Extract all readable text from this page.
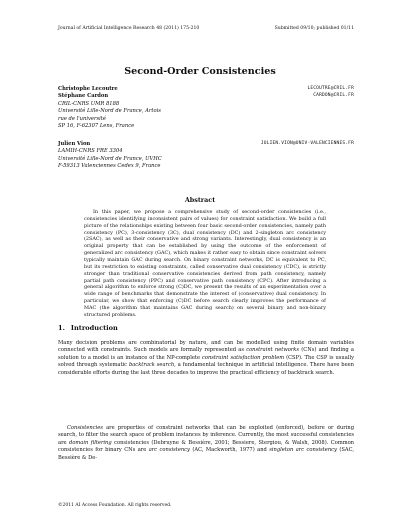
Journal of Artificial Intelligence Research 48 (2011) 175-210	Submitted 09/10; published 01/11
Second-Order Consistencies
Christophe Lecoutre	LECOUTRE@CRIL.FR
Stéphane Cardon	CARDON@CRIL.FR
CRIL-CNRS UMR 8188
Université Lille-Nord de France, Artois
rue de l'université
SP 16, F-62307 Lens, France
Julien Vion	JULIEN.VION@UNIV-VALENCIENNES.FR
LAMIH-CNRS FRE 3304
Université Lille-Nord de France, UVHC
F-59313 Valenciennes Cedex 9, France
Abstract
In this paper, we propose a comprehensive study of second-order consistencies (i.e., consistencies identifying inconsistent pairs of values) for constraint satisfaction. We build a full picture of the relationships existing between four basic second-order consistencies, namely path consistency (PC), 3-consistency (3C), dual consistency (DC) and 2-singleton arc consistency (2SAC), as well as their conservative and strong variants. Interestingly, dual consistency is an original property that can be established by using the outcome of the enforcement of generalized arc consistency (GAC), which makes it rather easy to obtain since constraint solvers typically maintain GAC during search. On binary constraint networks, DC is equivalent to PC, but its restriction to existing constraints, called conservative dual consistency (CDC), is strictly stronger than traditional conservative consistencies derived from path consistency, namely partial path consistency (PPC) and conservative path consistency (CPC). After introducing a general algorithm to enforce strong (C)DC, we present the results of an experimentation over a wide range of benchmarks that demonstrate the interest of (conservative) dual consistency. In particular, we show that enforcing (C)DC before search clearly improves the performance of MAC (the algorithm that maintains GAC during search) on several binary and non-binary structured problems.
1. Introduction
Many decision problems are combinatorial by nature, and can be modelled using finite domain variables connected with constraints. Such models are formally represented as constraint networks (CNs) and finding a solution to a model is an instance of the NP-complete constraint satisfaction problem (CSP). The CSP is usually solved through systematic backtrack search, a fundamental technique in artificial intelligence. There have been considerable efforts during the last three decades to improve the practical efficiency of backtrack search.
Consistencies are properties of constraint networks that can be exploited (enforced), before or during search, to filter the search space of problem instances by inference. Currently, the most successful consistencies are domain filtering consistencies (Debruyne & Bessière, 2001; Bessiere, Stergiou, & Walsh, 2008). Common consistencies for binary CNs are arc consistency (AC, Mackworth, 1977) and singleton arc consistency (SAC, Bessière & De-
©2011 AI Access Foundation. All rights reserved.
